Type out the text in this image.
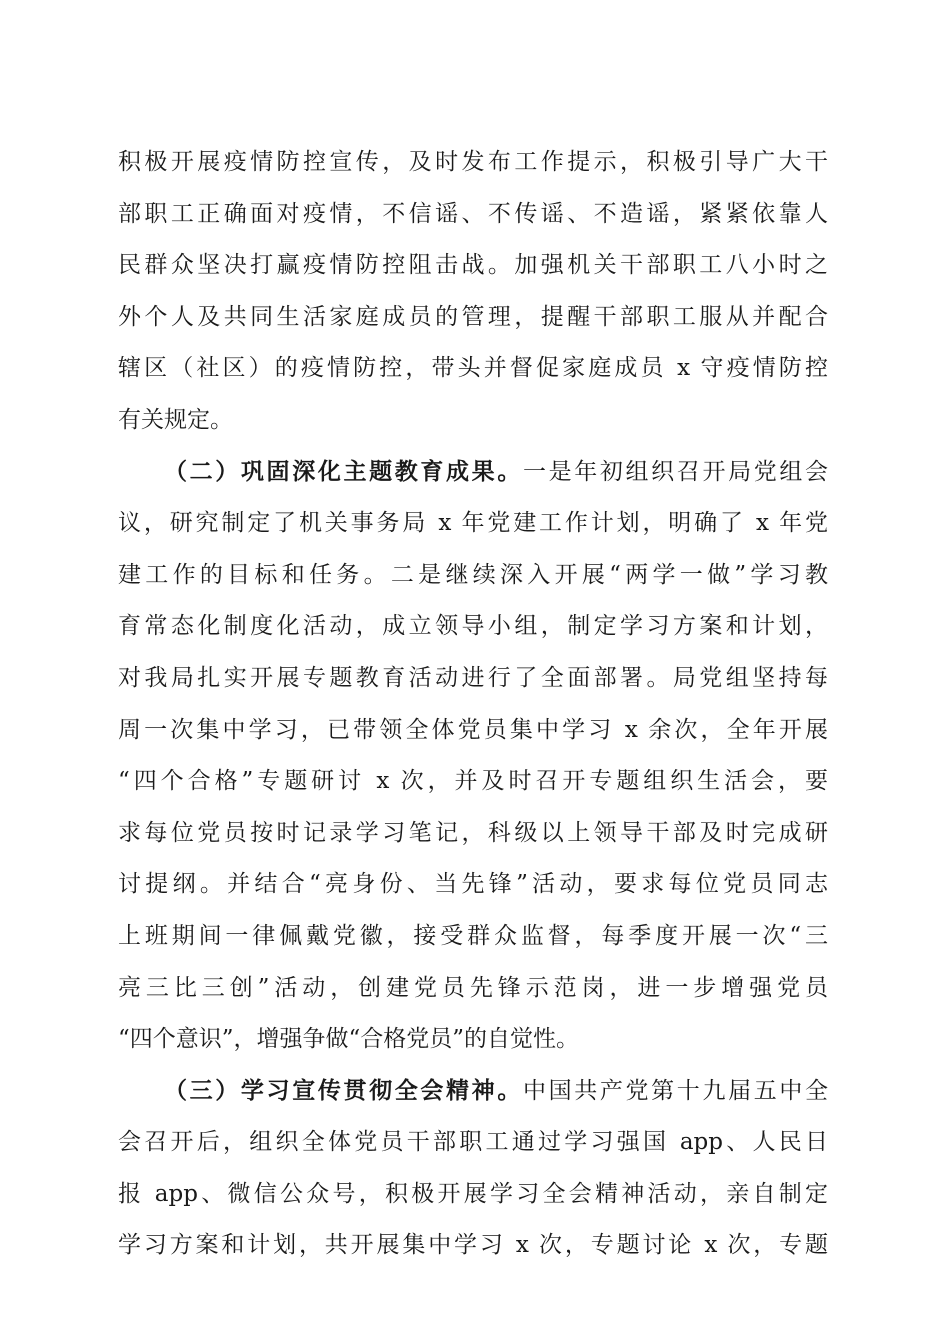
积极开展疫情防控宣传，及时发布工作提示，积极引导广大干
部职工正确面对疫情，不信谣、不传谣、不造谣，紧紧依靠人
民群众坚决打赢疫情防控阻击战。加强机关干部职工八小时之
外个人及共同生活家庭成员的管理，提醒干部职工服从并配合
辖区（社区）的疫情防控，带头并督促家庭成员 x 守疫情防控
有关规定。
（二）巩固深化主题教育成果。一是年初组织召开局党组会
议，研究制定了机关事务局 x 年党建工作计划，明确了 x 年党
建工作的目标和任务。二是继续深入开展“两学一做”学习教
育常态化制度化活动，成立领导小组，制定学习方案和计划，
对我局扎实开展专题教育活动进行了全面部署。局党组坚持每
周一次集中学习，已带领全体党员集中学习 x 余次，全年开展
“四个合格”专题研讨 x 次，并及时召开专题组织生活会，要
求每位党员按时记录学习笔记，科级以上领导干部及时完成研
讨提纲。并结合“亮身份、当先锋”活动，要求每位党员同志
上班期间一律佩戴党徽，接受群众监督，每季度开展一次“三
亮三比三创”活动，创建党员先锋示范岗，进一步增强党员
“四个意识”，增强争做“合格党员”的自觉性。
（三）学习宣传贯彻全会精神。中国共产党第十九届五中全
会召开后，组织全体党员干部职工通过学习强国 app、人民日
报 app、微信公众号，积极开展学习全会精神活动，亲自制定
学习方案和计划，共开展集中学习 x 次，专题讨论 x 次，专题
